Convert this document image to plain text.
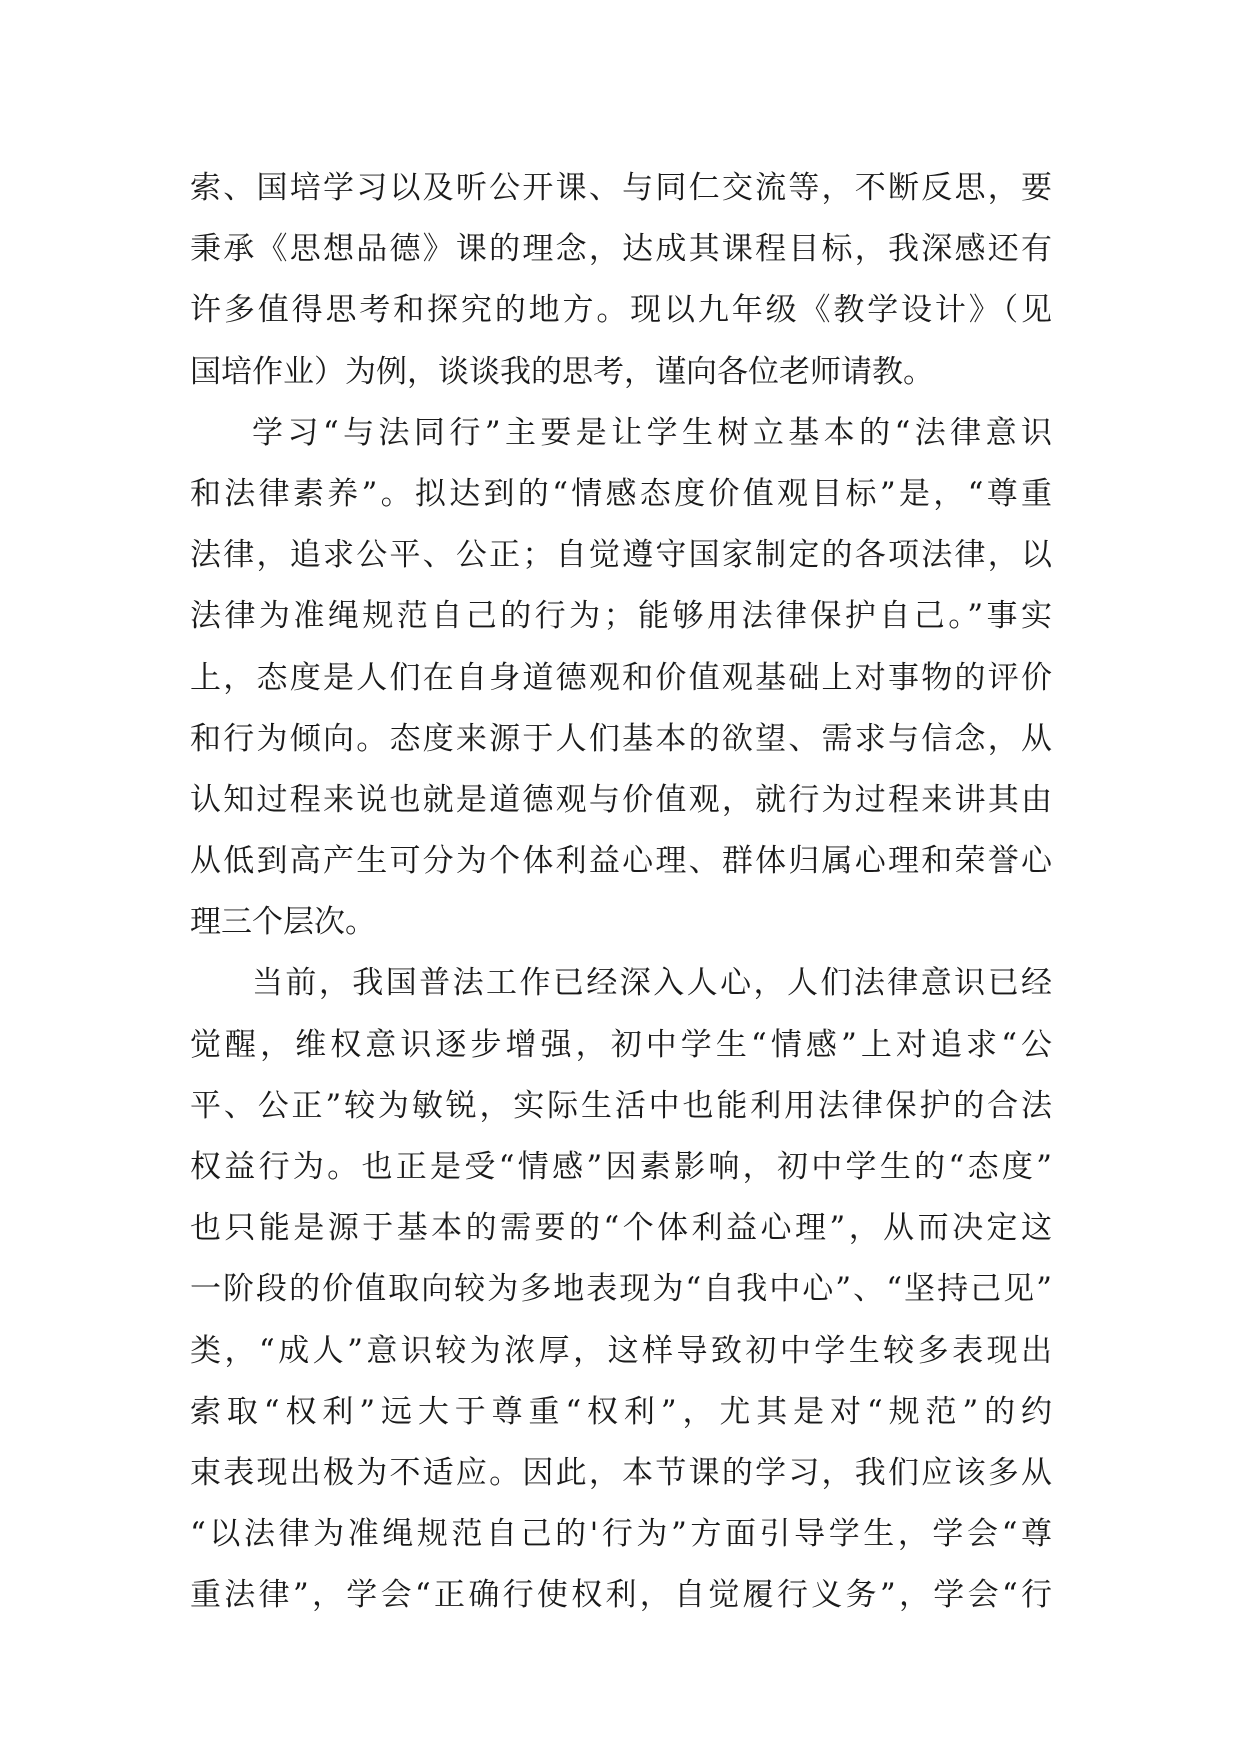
索、国培学习以及听公开课、与同仁交流等，不断反思，要
秉承《思想品德》课的理念，达成其课程目标，我深感还有
许多值得思考和探究的地方。现以九年级《教学设计》（见
国培作业）为例，谈谈我的思考，谨向各位老师请教。
学习“与法同行”主要是让学生树立基本的“法律意识
和法律素养”。拟达到的“情感态度价值观目标”是，“尊重
法律，追求公平、公正；自觉遵守国家制定的各项法律，以
法律为准绳规范自己的行为；能够用法律保护自己。”事实
上，态度是人们在自身道德观和价值观基础上对事物的评价
和行为倾向。态度来源于人们基本的欲望、需求与信念，从
认知过程来说也就是道德观与价值观，就行为过程来讲其由
从低到高产生可分为个体利益心理、群体归属心理和荣誉心
理三个层次。
当前，我国普法工作已经深入人心，人们法律意识已经
觉醒，维权意识逐步增强，初中学生“情感”上对追求“公
平、公正”较为敏锐，实际生活中也能利用法律保护的合法
权益行为。也正是受“情感”因素影响，初中学生的“态度”
也只能是源于基本的需要的“个体利益心理”，从而决定这
一阶段的价值取向较为多地表现为“自我中心”、“坚持己见”
类，“成人”意识较为浓厚，这样导致初中学生较多表现出
索取“权利”远大于尊重“权利”，尤其是对“规范”的约
束表现出极为不适应。因此，本节课的学习，我们应该多从
“以法律为准绳规范自己的'行为”方面引导学生，学会“尊
重法律”，学会“正确行使权利，自觉履行义务”，学会“行
